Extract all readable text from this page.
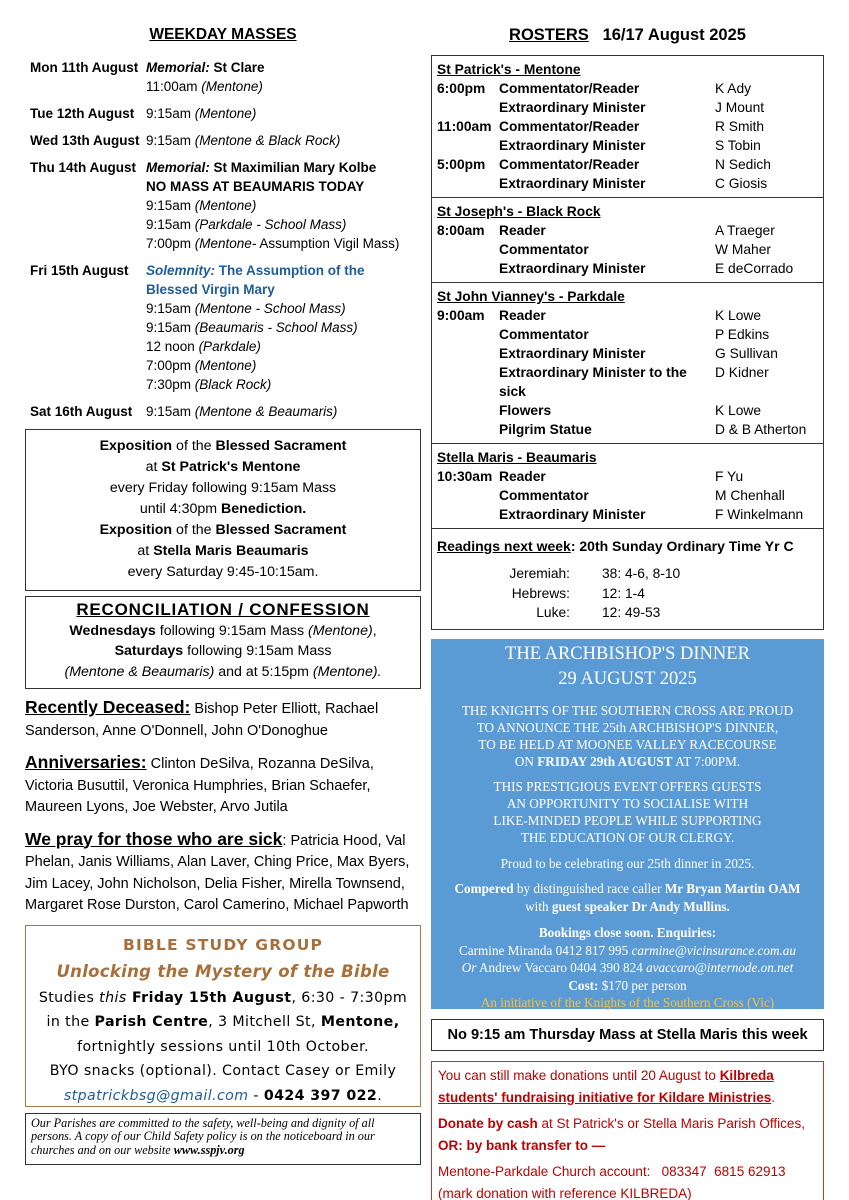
WEEKDAY MASSES
Mon 11th August Memorial: St Clare
11:00am (Mentone)
Tue 12th August 9:15am (Mentone)
Wed 13th August 9:15am (Mentone & Black Rock)
Thu 14th August Memorial: St Maximilian Mary Kolbe
NO MASS AT BEAUMARIS TODAY
9:15am (Mentone)
9:15am (Parkdale - School Mass)
7:00pm (Mentone- Assumption Vigil Mass)
Fri 15th August	Solemnity: The Assumption of the
Blessed Virgin Mary
9:15am (Mentone - School Mass)
9:15am (Beaumaris - School Mass)
12 noon (Parkdale)
7:00pm (Mentone)
7:30pm (Black Rock)
Sat 16th August	9:15am (Mentone & Beaumaris)
Exposition of the Blessed Sacrament
at St Patrick's Mentone
every Friday following 9:15am Mass
until 4:30pm Benediction.
Exposition of the Blessed Sacrament
at Stella Maris Beaumaris
every Saturday 9:45-10:15am.
RECONCILIATION / CONFESSION
Wednesdays following 9:15am Mass (Mentone),
Saturdays following 9:15am Mass
(Mentone & Beaumaris) and at 5:15pm (Mentone).
Recently Deceased: Bishop Peter Elliott, Rachael Sanderson, Anne O'Donnell, John O'Donoghue
Anniversaries: Clinton DeSilva, Rozanna DeSilva, Victoria Busuttil, Veronica Humphries, Brian Schaefer, Maureen Lyons, Joe Webster, Arvo Jutila
We pray for those who are sick: Patricia Hood, Val Phelan, Janis Williams, Alan Laver, Ching Price, Max Byers, Jim Lacey, John Nicholson, Delia Fisher, Mirella Townsend, Margaret Rose Durston, Carol Camerino, Michael Papworth
BIBLE STUDY GROUP
Unlocking the Mystery of the Bible
Studies this Friday 15th August, 6:30 - 7:30pm
in the Parish Centre, 3 Mitchell St, Mentone,
fortnightly sessions until 10th October.
BYO snacks (optional). Contact Casey or Emily
stpatrickbsg@gmail.com - 0424 397 022.
Our Parishes are committed to the safety, well-being and dignity of all persons. A copy of our Child Safety policy is on the noticeboard in our churches and on our website www.sspjv.org
ROSTERS   16/17 August 2025
St Patrick's - Mentone
6:00pm Commentator/Reader	K Ady
Extraordinary Minister	J Mount
11:00am Commentator/Reader	R Smith
Extraordinary Minister	S Tobin
5:00pm Commentator/Reader	N Sedich
Extraordinary Minister	C Giosis
St Joseph's - Black Rock
8:00am	Reader	A Traeger
Commentator	W Maher
Extraordinary Minister	E deCorrado
St John Vianney's - Parkdale
9:00am	Reader	K Lowe
Commentator	P Edkins
Extraordinary Minister	G Sullivan
Extraordinary Minister to the sick
D Kidner
Flowers	K Lowe
Pilgrim Statue	D & B Atherton
Stella Maris - Beaumaris
10:30am Reader	F Yu
Commentator	M Chenhall
Extraordinary Minister	F Winkelmann
Readings next week: 20th Sunday Ordinary Time Yr C
Jeremiah:	38: 4-6, 8-10
Hebrews:	12: 1-4
Luke:	12: 49-53
THE ARCHBISHOP'S DINNER
29 AUGUST 2025
THE KNIGHTS OF THE SOUTHERN CROSS ARE PROUD
TO ANNOUNCE THE 25th ARCHBISHOP'S DINNER,
TO BE HELD AT MOONEE VALLEY RACECOURSE
ON FRIDAY 29th AUGUST AT 7:00PM.
THIS PRESTIGIOUS EVENT OFFERS GUESTS
AN OPPORTUNITY TO SOCIALISE WITH
LIKE-MINDED PEOPLE WHILE SUPPORTING
THE EDUCATION OF OUR CLERGY.
Proud to be celebrating our 25th dinner in 2025.
Compered by distinguished race caller Mr Bryan Martin OAM
with guest speaker Dr Andy Mullins.
Bookings close soon. Enquiries:
Carmine Miranda 0412 817 995 carmine@vicinsurance.com.au
Or Andrew Vaccaro 0404 390 824 avaccaro@internode.on.net
Cost: $170 per person
An initiative of the Knights of the Southern Cross (Vic)
No 9:15 am Thursday Mass at Stella Maris this week
You can still make donations until 20 August to Kilbreda students' fundraising initiative for Kildare Ministries.
Donate by cash at St Patrick's or Stella Maris Parish Offices,
OR: by bank transfer to —
Mentone-Parkdale Church account:   083347  6815 62913
(mark donation with reference KILBREDA)
